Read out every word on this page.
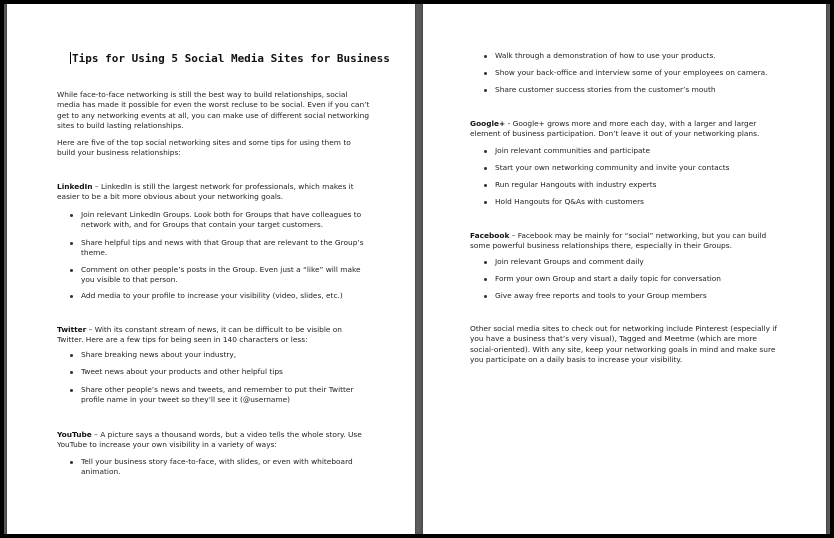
Tips for Using 5 Social Media Sites for Business

While face-to-face networking is still the best way to build relationships, social
media has made it possible for even the worst recluse to be social. Even if you can’t
get to any networking events at all, you can make use of different social networking
sites to build lasting relationships.

Here are five of the top social networking sites and some tips for using them to
build your business relationships:

LinkedIn – LinkedIn is still the largest network for professionals, which makes it
easier to be a bit more obvious about your networking goals.

Join relevant LinkedIn Groups. Look both for Groups that have colleagues to
network with, and for Groups that contain your target customers.
Share helpful tips and news with that Group that are relevant to the Group’s
theme.
Comment on other people’s posts in the Group. Even just a “like” will make
you visible to that person.
Add media to your profile to increase your visibility (video, slides, etc.)

Twitter – With its constant stream of news, it can be difficult to be visible on
Twitter. Here are a few tips for being seen in 140 characters or less:

Share breaking news about your industry,
Tweet news about your products and other helpful tips
Share other people’s news and tweets, and remember to put their Twitter
profile name in your tweet so they’ll see it (@username)

YouTube – A picture says a thousand words, but a video tells the whole story. Use
YouTube to increase your own visibility in a variety of ways:

Tell your business story face-to-face, with slides, or even with whiteboard
animation.
Walk through a demonstration of how to use your products.
Show your back-office and interview some of your employees on camera.
Share customer success stories from the customer’s mouth

Google+ - Google+ grows more and more each day, with a larger and larger
element of business participation. Don’t leave it out of your networking plans.

Join relevant communities and participate
Start your own networking community and invite your contacts
Run regular Hangouts with industry experts
Hold Hangouts for Q&As with customers

Facebook – Facebook may be mainly for “social” networking, but you can build
some powerful business relationships there, especially in their Groups.

Join relevant Groups and comment daily
Form your own Group and start a daily topic for conversation
Give away free reports and tools to your Group members

Other social media sites to check out for networking include Pinterest (especially if
you have a business that’s very visual), Tagged and Meetme (which are more
social-oriented). With any site, keep your networking goals in mind and make sure
you participate on a daily basis to increase your visibility.
